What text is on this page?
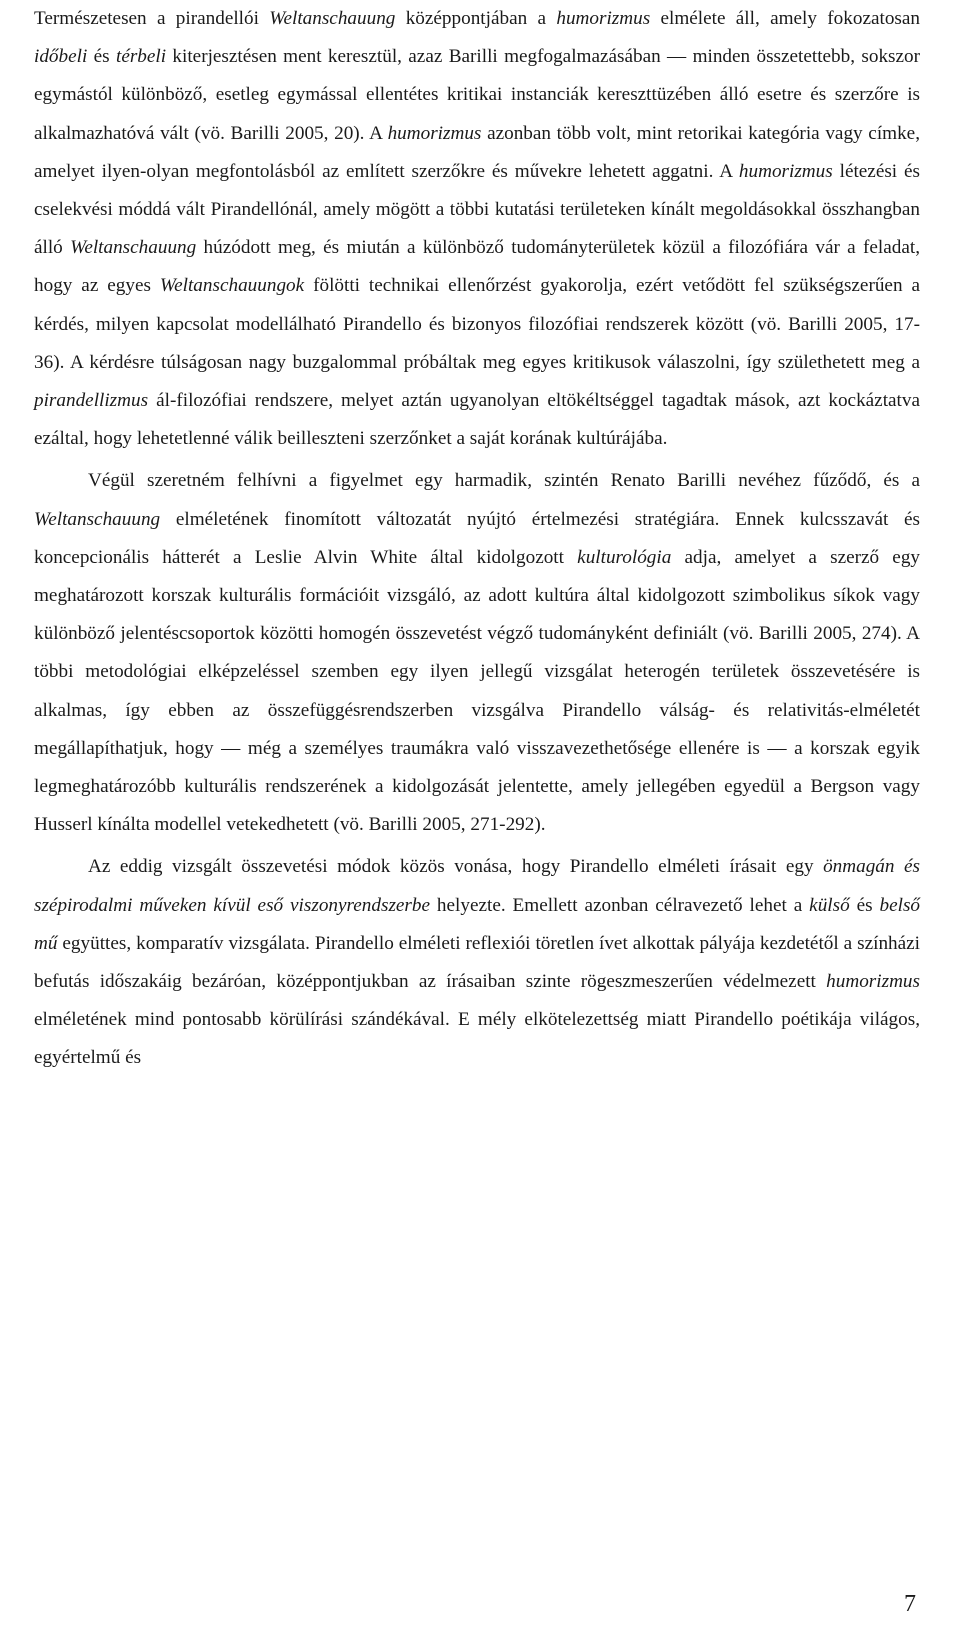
Természetesen a pirandellói Weltanschauung középpontjában a humorizmus elmélete áll, amely fokozatosan időbeli és térbeli kiterjesztésen ment keresztül, azaz Barilli megfogalmazásában — minden összetettebb, sokszor egymástól különböző, esetleg egymással ellentétes kritikai instanciák kereszttüzében álló esetre és szerzőre is alkalmazhatóvá vált (vö. Barilli 2005, 20). A humorizmus azonban több volt, mint retorikai kategória vagy címke, amelyet ilyen-olyan megfontolásból az említett szerzőkre és művekre lehetett aggatni. A humorizmus létezési és cselekvési móddá vált Pirandellónál, amely mögött a többi kutatási területeken kínált megoldásokkal összhangban álló Weltanschauung húzódott meg, és miután a különböző tudományterületek közül a filozófiára vár a feladat, hogy az egyes Weltanschauungok fölötti technikai ellenőrzést gyakorolja, ezért vetődött fel szükségszerűen a kérdés, milyen kapcsolat modellálható Pirandello és bizonyos filozófiai rendszerek között (vö. Barilli 2005, 17-36). A kérdésre túlságosan nagy buzgalommal próbáltak meg egyes kritikusok válaszolni, így születhetett meg a pirandellizmus ál-filozófiai rendszere, melyet aztán ugyanolyan eltökéltséggel tagadtak mások, azt kockáztatva ezáltal, hogy lehetetlenné válik beilleszteni szerzőnket a saját korának kultúrájába.

Végül szeretném felhívni a figyelmet egy harmadik, szintén Renato Barilli nevéhez fűződő, és a Weltanschauung elméletének finomított változatát nyújtó értelmezési stratégiára. Ennek kulcsszavát és koncepcionális hátterét a Leslie Alvin White által kidolgozott kulturológia adja, amelyet a szerző egy meghatározott korszak kulturális formációit vizsgáló, az adott kultúra által kidolgozott szimbolikus síkok vagy különböző jelentéscsoportok közötti homogén összevetést végző tudományként definiált (vö. Barilli 2005, 274). A többi metodológiai elképzeléssel szemben egy ilyen jellegű vizsgálat heterogén területek összevetésére is alkalmas, így ebben az összefüggésrendszerben vizsgálva Pirandello válság- és relativitás-elméletét megállapíthatjuk, hogy — még a személyes traumákra való visszavezethetősége ellenére is — a korszak egyik legmeghatározóbb kulturális rendszerének a kidolgozását jelentette, amely jellegében egyedül a Bergson vagy Husserl kínálta modellel vetekedhetett (vö. Barilli 2005, 271-292).

Az eddig vizsgált összevetési módok közös vonása, hogy Pirandello elméleti írásait egy önmagán és szépirodalmi műveken kívül eső viszonyrendszerbe helyezte. Emellett azonban célravezető lehet a külső és belső mű együttes, komparatív vizsgálata. Pirandello elméleti reflexiói töretlen ívet alkottak pályája kezdetétől a színházi befutás időszakáig bezáróan, középpontjukban az írásaiban szinte rögeszmeszerűen védelmezett humorizmus elméletének mind pontosabb körülírási szándékával. E mély elkötelezettség miatt Pirandello poétikája világos, egyértelmű és

7
